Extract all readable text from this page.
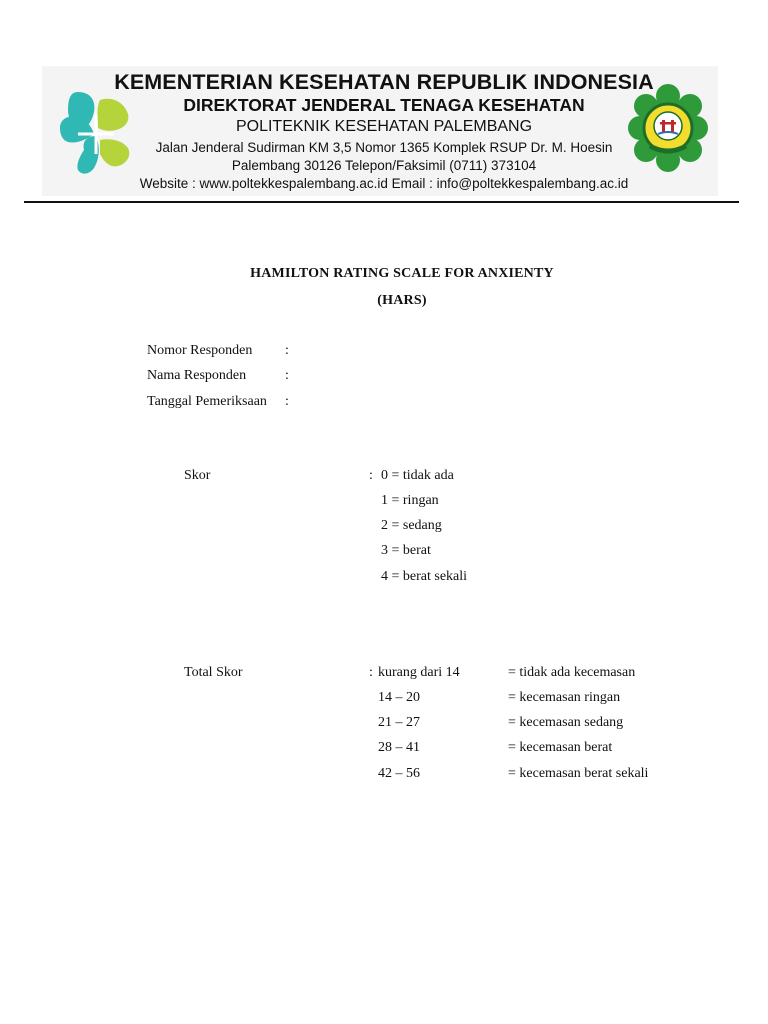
KEMENTERIAN KESEHATAN REPUBLIK INDONESIA
DIREKTORAT JENDERAL TENAGA KESEHATAN
POLITEKNIK KESEHATAN PALEMBANG
Jalan Jenderal Sudirman KM 3,5 Nomor 1365 Komplek RSUP Dr. M. Hoesin
Palembang 30126 Telepon/Faksimil (0711) 373104
Website : www.poltekkespalembang.ac.id Email : info@poltekkespalembang.ac.id
HAMILTON RATING SCALE FOR ANXIENTY
(HARS)
Nomor Responden :
Nama Responden	:
Tanggal Pemeriksaan :
Skor	: 0 = tidak ada
1 = ringan
2 = sedang
3 = berat
4 = berat sekali
Total Skor	: kurang dari 14	= tidak ada kecemasan
14 – 20	= kecemasan ringan
21 – 27	= kecemasan sedang
28 – 41	= kecemasan berat
42 – 56	= kecemasan berat sekali
